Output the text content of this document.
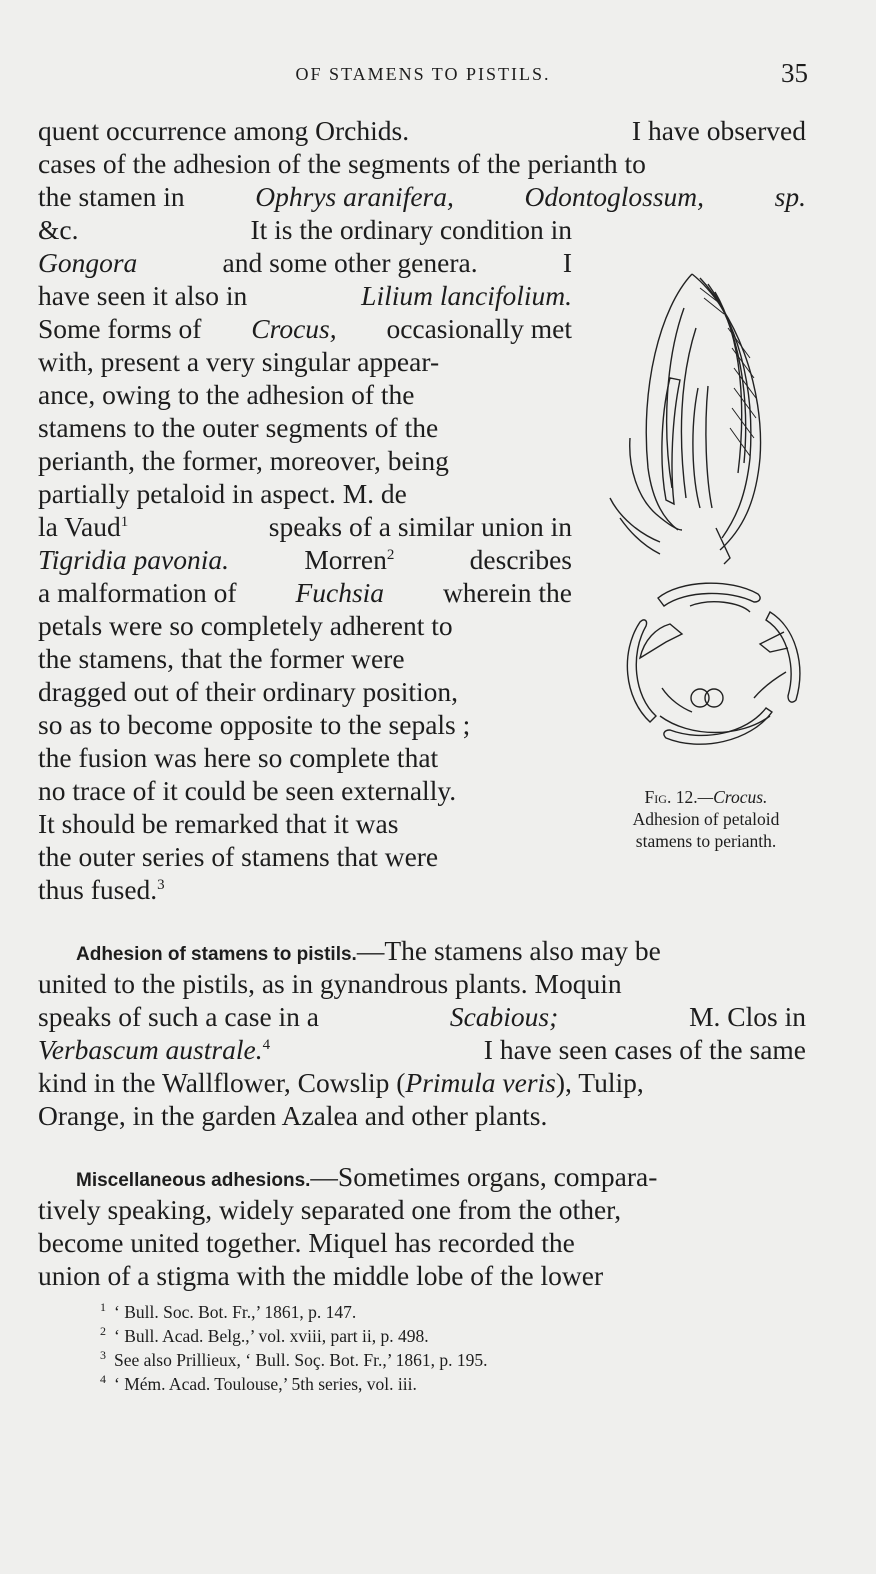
OF STAMENS TO PISTILS.	35
quent occurrence among Orchids.	I have observed
cases of the adhesion of the segments of the perianth to
the stamen in	Ophrys aranifera,	Odontoglossum,	sp.
&c.	It is the ordinary condition in
Gongora	and some other genera.	I
have seen it also in	Lilium lancifolium.
Some forms of Crocus, occasionally met
with, present a very singular appear-
ance, owing to the adhesion of the
stamens to the outer segments of the
perianth, the former, moreover, being
partially petaloid in aspect. M. de
la Vaud$^1$	speaks of a similar union in
Tigridia pavonia.	Morren$^2$	describes
a malformation of Fuchsia wherein the
petals were so completely adherent to
the stamens, that the former were
dragged out of their ordinary position,
so as to become opposite to the sepals ;
the fusion was here so complete that
no trace of it could be seen externally.
It should be remarked that it was
the outer series of stamens that were
thus fused.$^3$
Adhesion of stamens to pistils.—The stamens also may be
united to the pistils, as in gynandrous plants. Moquin
speaks of such a case in a	Scabious;	M. Clos in
Verbascum australe.$^4$	I have seen cases of the same
kind in the Wallflower, Cowslip (Primula veris), Tulip,
Orange, in the garden Azalea and other plants.
Miscellaneous adhesions.—Sometimes organs, compara-
tively speaking, widely separated one from the other,
become united together. Miquel has recorded the
union of a stigma with the middle lobe of the lower
Fig. 12.—Crocus.
Adhesion of petaloid
stamens to perianth.
$^1$ ‘ Bull. Soc. Bot. Fr.,’ 1861, p. 147.
$^2$ ‘ Bull. Acad. Belg.,’ vol. xviii, part ii, p. 498.
$^3$ See also Prillieux, ‘ Bull. Soç. Bot. Fr.,’ 1861, p. 195.
$^4$ ‘ Mém. Acad. Toulouse,’ 5th series, vol. iii.
